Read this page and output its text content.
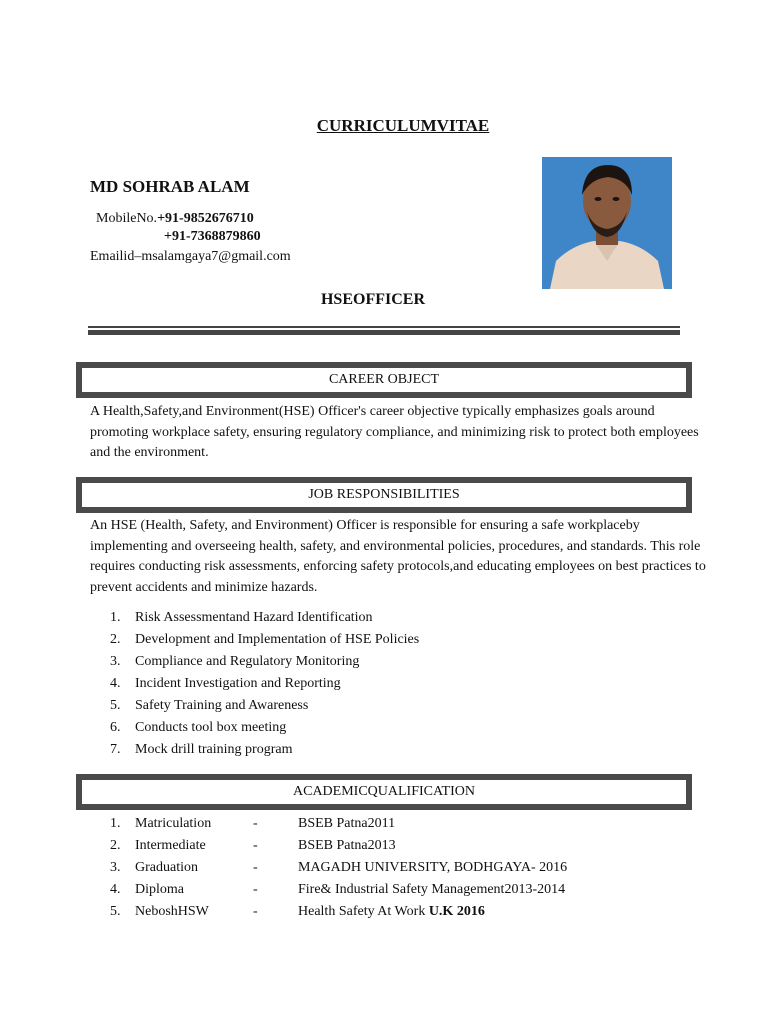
CURRICULUMVITAE
MD SOHRAB ALAM
MobileNo.+91-9852676710
+91-7368879860
Emailid–msalamgaya7@gmail.com
HSEOFFICER
CAREER OBJECT
A Health,Safety,and Environment(HSE) Officer's career objective typically emphasizes goals around promoting workplace safety, ensuring regulatory compliance, and minimizing risk to protect both employees and the environment.
JOB RESPONSIBILITIES
An HSE (Health, Safety, and Environment) Officer is responsible for ensuring a safe workplaceby implementing and overseeing health, safety, and environmental policies, procedures, and standards. This role requires conducting risk assessments, enforcing safety protocols,and educating employees on best practices to prevent accidents and minimize hazards.
1.	Risk Assessmentand Hazard Identification
2.	Development and Implementation of HSE Policies
3.	Compliance and Regulatory Monitoring
4.	Incident Investigation and Reporting
5.	Safety Training and Awareness
6.	Conducts tool box meeting
7.	Mock drill training program
ACADEMICQUALIFICATION
1. Matriculation	-	BSEB Patna2011
2. Intermediate	-	BSEB Patna2013
3. Graduation	-	MAGADH UNIVERSITY, BODHGAYA- 2016
4. Diploma	-	Fire& Industrial Safety Management2013-2014
5. NeboshHSW	-	Health Safety At Work U.K 2016
